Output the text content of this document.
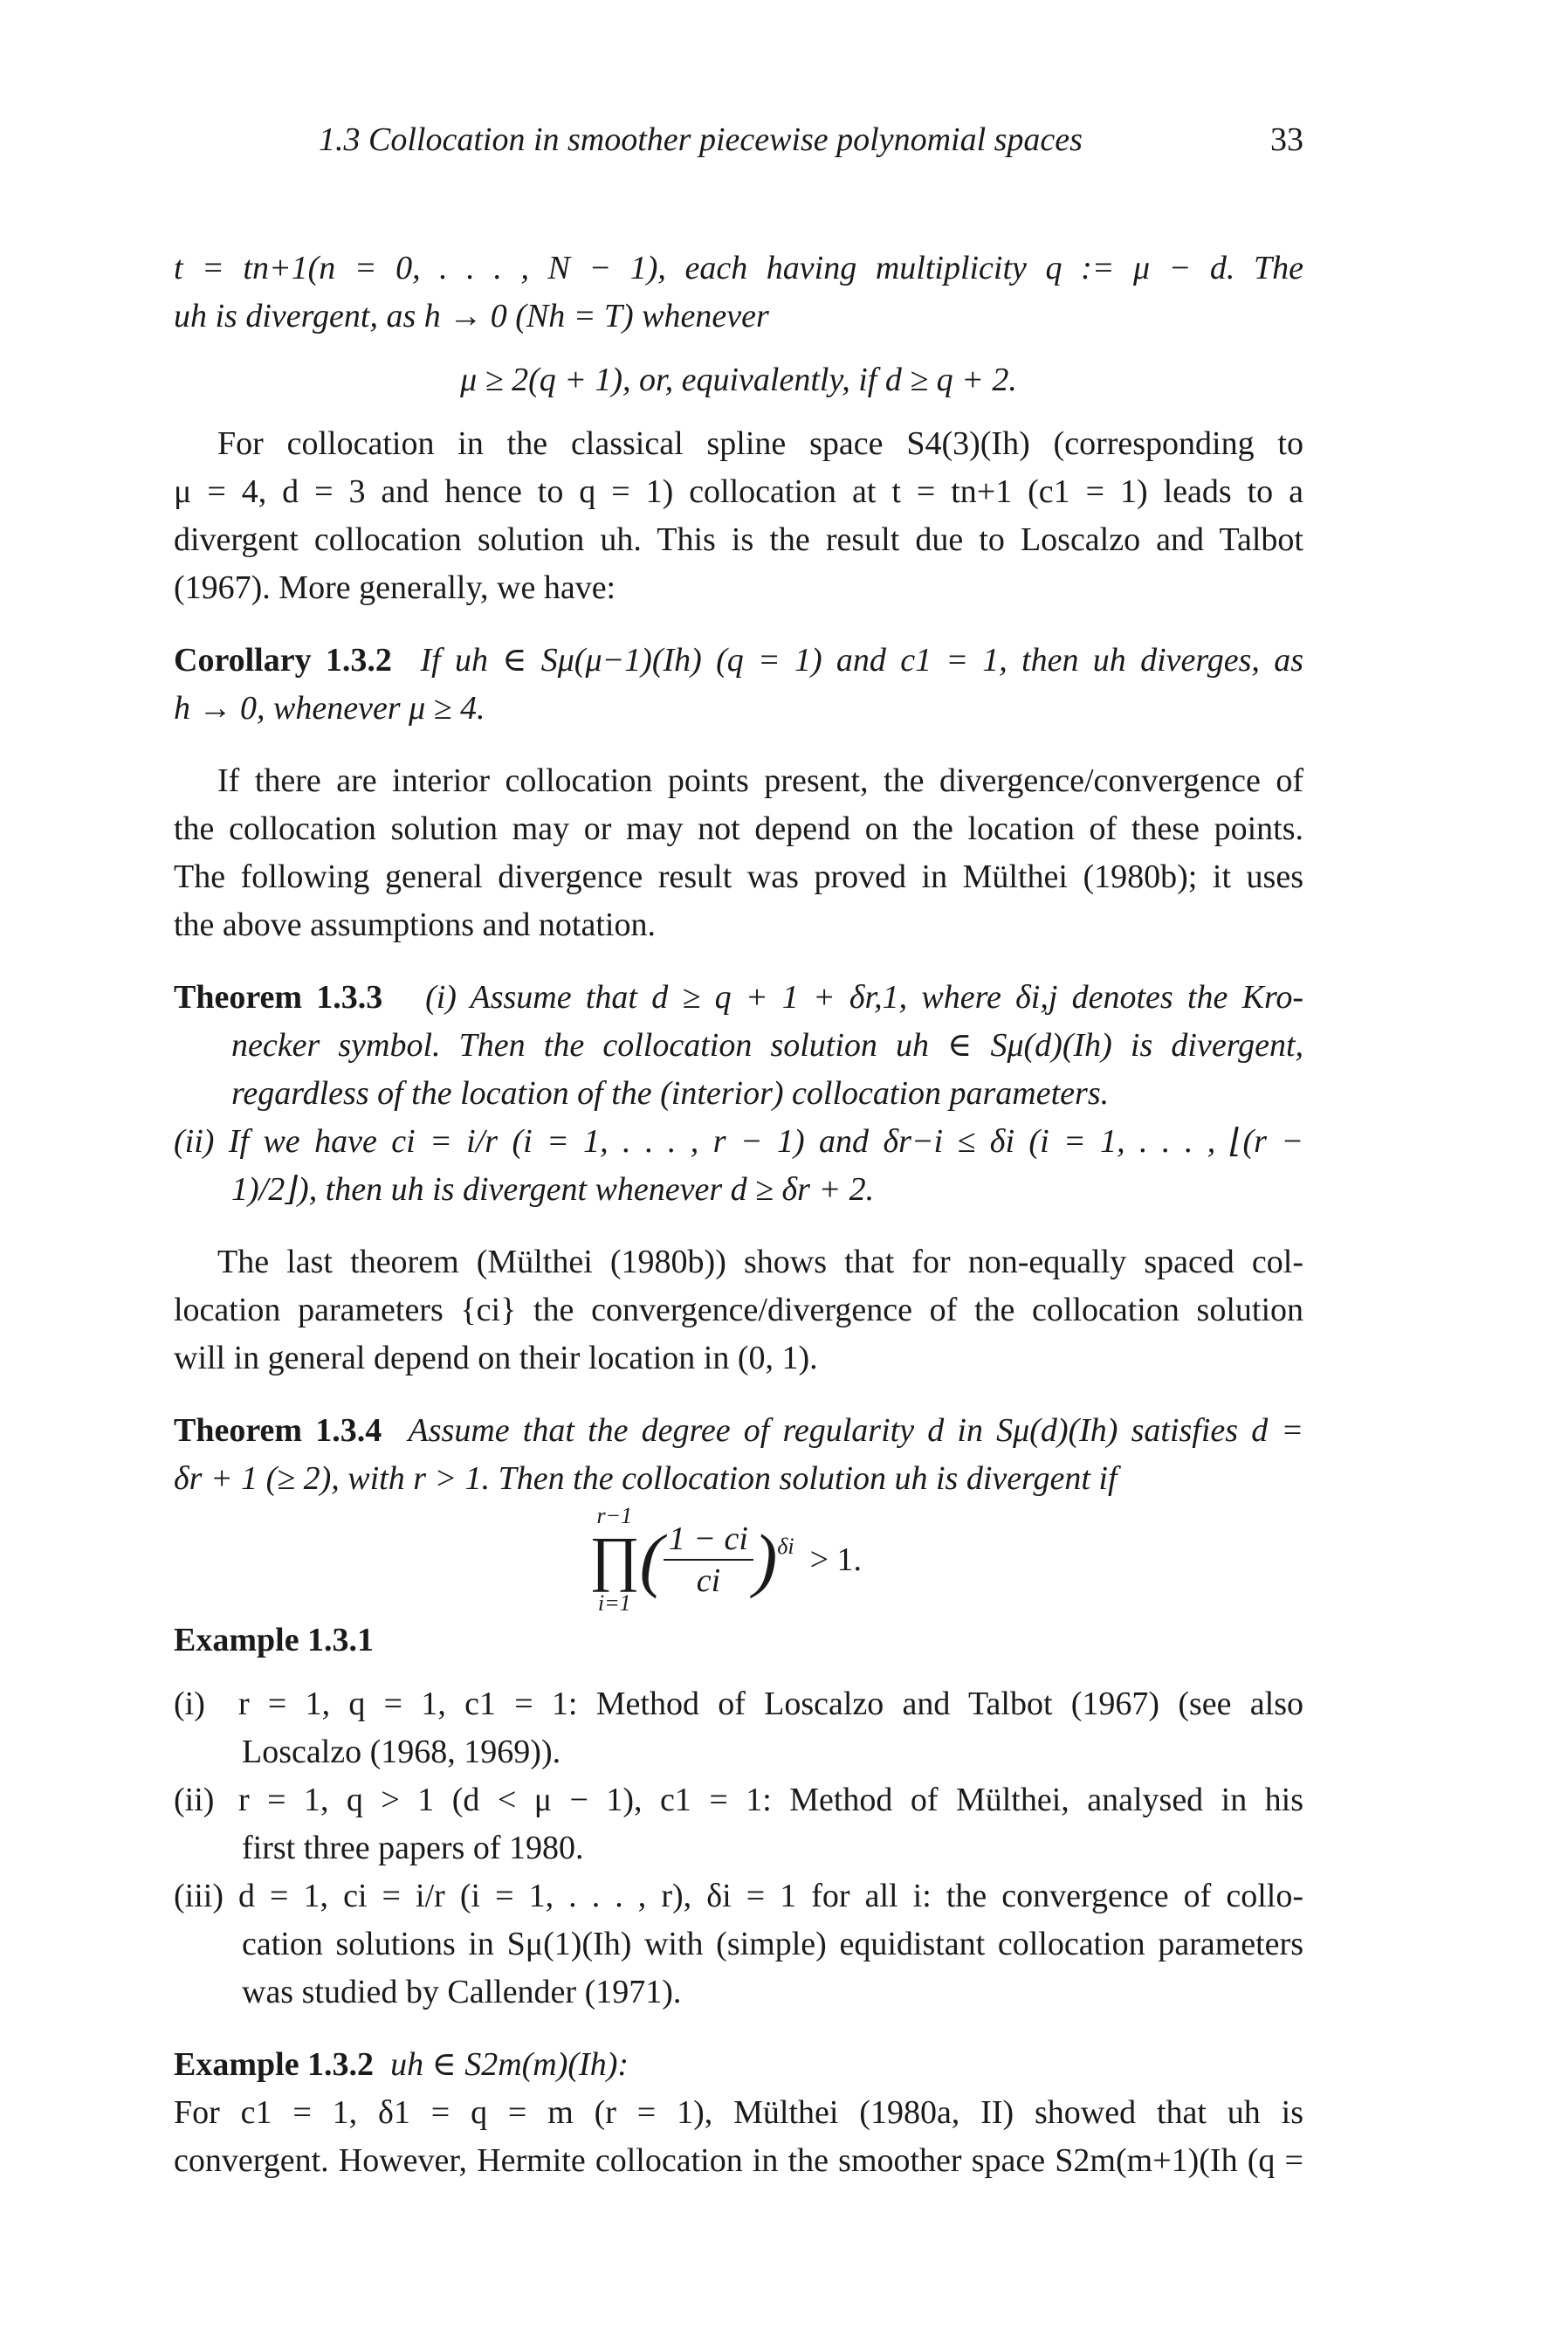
1.3 Collocation in smoother piecewise polynomial spaces	33
t = tn+1(n = 0, . . . , N − 1), each having multiplicity q := μ − d. The
uh is divergent, as h → 0 (Nh = T) whenever
μ ≥ 2(q + 1), or, equivalently, if d ≥ q + 2.
For collocation in the classical spline space S4(3)(Ih) (corresponding to
μ = 4, d = 3 and hence to q = 1) collocation at t = tn+1 (c1 = 1) leads to a
divergent collocation solution uh. This is the result due to Loscalzo and Talbot
(1967). More generally, we have:
Corollary 1.3.2 If uh ∈ Sμ(μ−1)(Ih) (q = 1) and c1 = 1, then uh diverges, as
h → 0, whenever μ ≥ 4.
If there are interior collocation points present, the divergence/convergence of
the collocation solution may or may not depend on the location of these points.
The following general divergence result was proved in Mülthei (1980b); it uses
the above assumptions and notation.
Theorem 1.3.3 (i) Assume that d ≥ q + 1 + δr,1, where δi,j denotes the Kro-
necker symbol. Then the collocation solution uh ∈ Sμ(d)(Ih) is divergent,
regardless of the location of the (interior) collocation parameters.
(ii) If we have ci = i/r (i = 1, . . . , r − 1) and δr−i ≤ δi (i = 1, . . . , ⌊(r −
1)/2⌋), then uh is divergent whenever d ≥ δr + 2.
The last theorem (Mülthei (1980b)) shows that for non-equally spaced col-
location parameters {ci} the convergence/divergence of the collocation solution
will in general depend on their location in (0, 1).
Theorem 1.3.4 Assume that the degree of regularity d in Sμ(d)(Ih) satisfies d =
δr + 1 (≥ 2), with r > 1. Then the collocation solution uh is divergent if
r−1
∏
i=1
( $\frac{1 - ci}{ci}$ ) δi > 1.
Example 1.3.1
(i) r = 1, q = 1, c1 = 1: Method of Loscalzo and Talbot (1967) (see also
Loscalzo (1968, 1969)).
(ii) r = 1, q > 1 (d < μ − 1), c1 = 1: Method of Mülthei, analysed in his
first three papers of 1980.
(iii) d = 1, ci = i/r (i = 1, . . . , r), δi = 1 for all i: the convergence of collo-
cation solutions in Sμ(1)(Ih) with (simple) equidistant collocation parameters
was studied by Callender (1971).
Example 1.3.2 uh ∈ S2m(m)(Ih):
For c1 = 1, δ1 = q = m (r = 1), Mülthei (1980a, II) showed that uh is
convergent. However, Hermite collocation in the smoother space S2m(m+1)(Ih (q =
